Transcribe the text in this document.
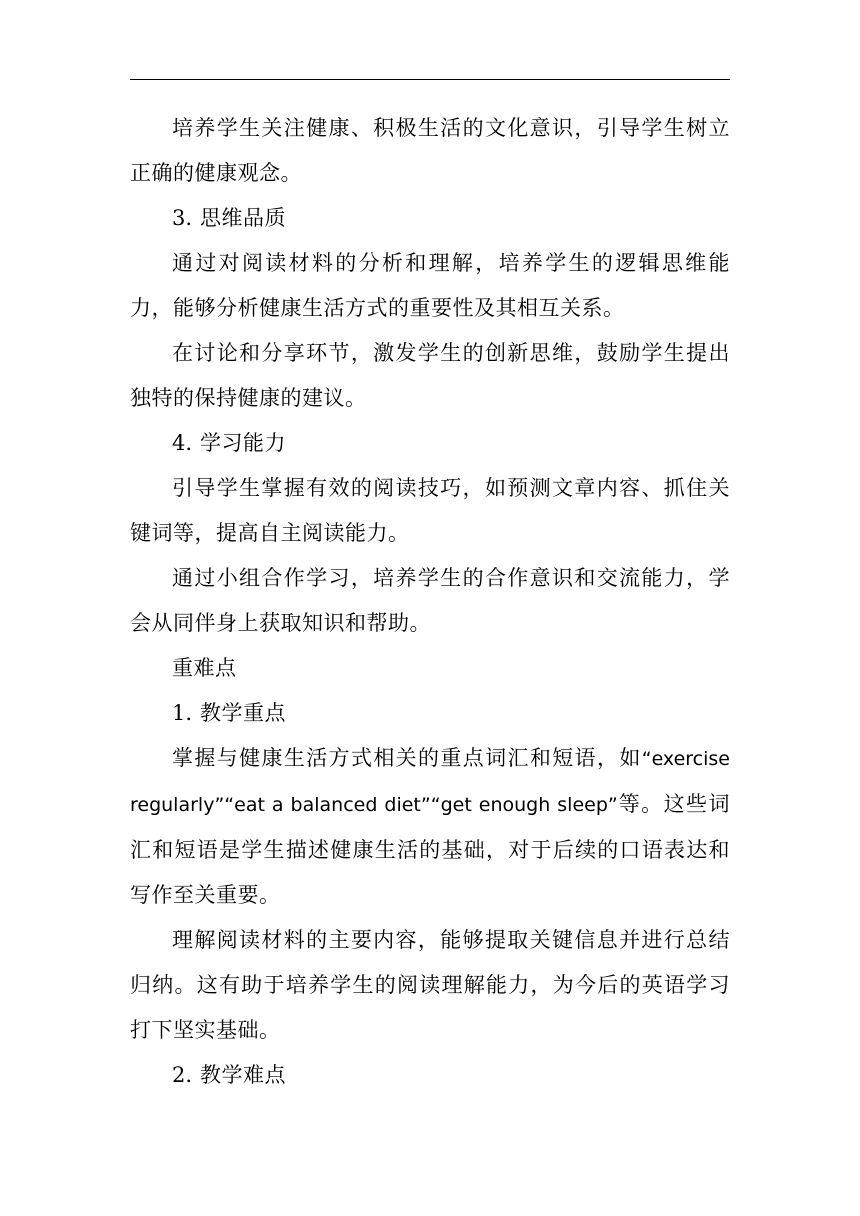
培养学生关注健康、积极生活的文化意识，引导学生树立正确的健康观念。

3. 思维品质

通过对阅读材料的分析和理解，培养学生的逻辑思维能力，能够分析健康生活方式的重要性及其相互关系。

在讨论和分享环节，激发学生的创新思维，鼓励学生提出独特的保持健康的建议。

4. 学习能力

引导学生掌握有效的阅读技巧，如预测文章内容、抓住关键词等，提高自主阅读能力。

通过小组合作学习，培养学生的合作意识和交流能力，学会从同伴身上获取知识和帮助。

重难点

1. 教学重点

掌握与健康生活方式相关的重点词汇和短语，如“exercise regularly”“eat a balanced diet”“get enough sleep”等。这些词汇和短语是学生描述健康生活的基础，对于后续的口语表达和写作至关重要。

理解阅读材料的主要内容，能够提取关键信息并进行总结归纳。这有助于培养学生的阅读理解能力，为今后的英语学习打下坚实基础。

2. 教学难点
